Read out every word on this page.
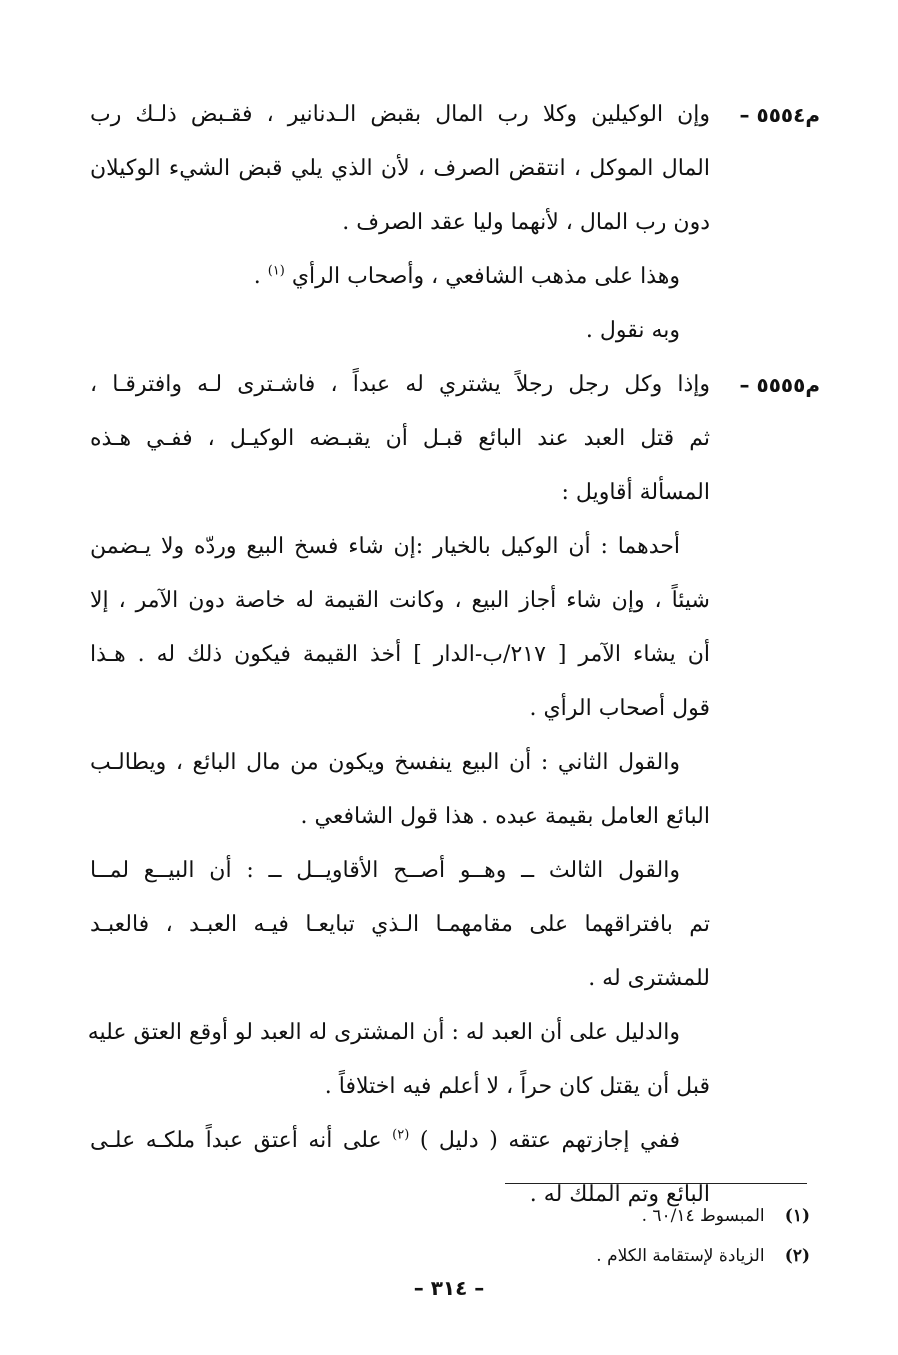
م٥٥٥٤ –
وإن الوكيلين وكلا رب المال بقبض الـدنانير ، فقـبض ذلـك رب
المال الموكل ، انتقض الصرف ، لأن الذي يلي قبض الشيء الوكيلان
دون رب المال ، لأنهما وليا عقد الصرف .
وهذا على مذهب الشافعي ، وأصحاب الرأي $^{(١)}$ .
وبه نقول .
م٥٥٥٥ –
وإذا وكل رجل رجلاً يشتري له عبداً ، فاشـترى لـه وافترقـا ،
ثم قتل العبد عند البائع قبـل أن يقبـضه الوكيـل ، ففـي هـذه
المسألة أقاويل :
أحدهما : أن الوكيل بالخيار :إن شاء فسخ البيع وردّه ولا يـضمن
شيئاً ، وإن شاء أجاز البيع ، وكانت القيمة له خاصة دون الآمر ، إلا
أن يشاء الآمر [ ٢١٧/ب-الدار ] أخذ القيمة فيكون ذلك له . هـذا
قول أصحاب الرأي .
والقول الثاني : أن البيع ينفسخ ويكون من مال البائع ، ويطالـب
البائع العامل بقيمة عبده . هذا قول الشافعي .
والقول الثالث ــ وهــو أصــح الأقاويــل ــ : أن البيــع لمــا
تم بافتراقهما على مقامهمـا الـذي تبايعـا فيـه العبـد ، فالعبـد
للمشترى له .
والدليل على أن العبد له : أن المشترى له العبد لو أوقع العتق عليه
قبل أن يقتل كان حراً ، لا أعلم فيه اختلافاً .
ففي إجازتهم عتقه ( دليل ) $^{(٢)}$ على أنه أعتق عبداً ملكـه علـى
البائع وتم الملك له .
(١) المبسوط ٦٠/١٤ .
(٢) الزيادة لإستقامة الكلام .
– ٣١٤ –
